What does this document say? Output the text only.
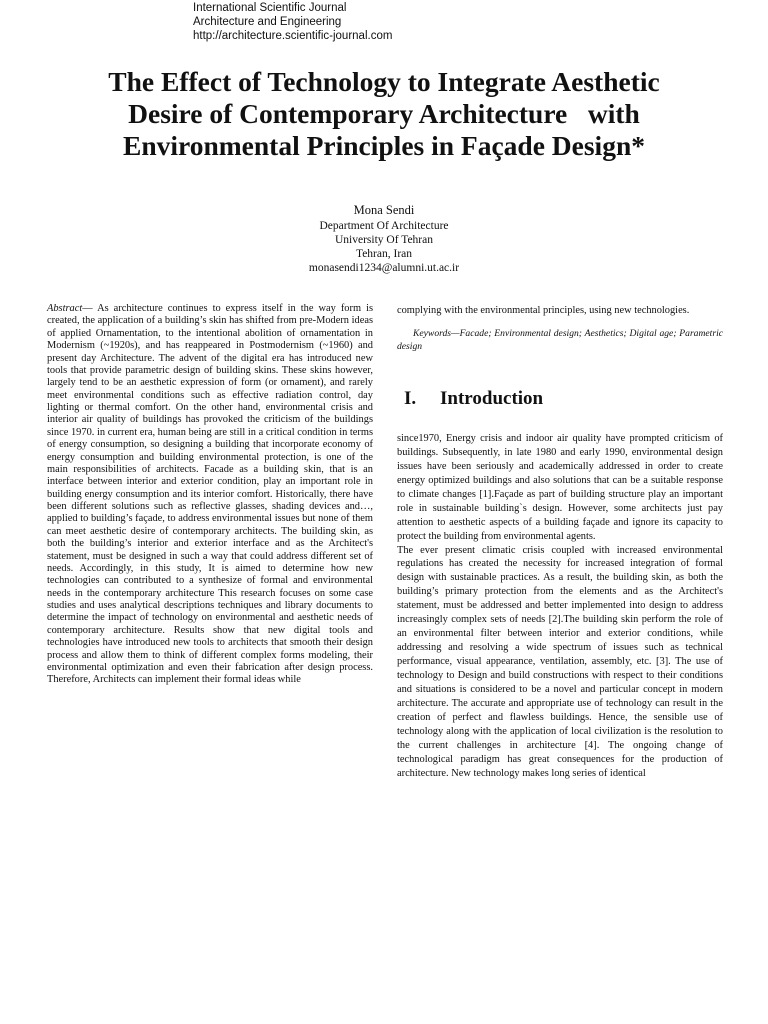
International Scientific Journal
Architecture and Engineering
http://architecture.scientific-journal.com
The Effect of Technology to Integrate Aesthetic
Desire of Contemporary Architecture   with
Environmental Principles in Façade Design*
Mona Sendi
Department Of Architecture
University Of Tehran
Tehran, Iran
monasendi1234@alumni.ut.ac.ir

Abstract— As architecture continues to express itself in the way form is created, the application of a building’s skin has shifted from pre-Modern ideas of applied Ornamentation, to the intentional abolition of ornamentation in Modernism (~1920s), and has reappeared in Postmodernism (~1960) and present day Architecture. The advent of the digital era has introduced new tools that provide parametric design of building skins. These skins however, largely tend to be an aesthetic expression of form (or ornament), and rarely meet environmental conditions such as effective radiation control, day lighting or thermal comfort. On the other hand, environmental crisis and interior air quality of buildings has provoked the criticism of the buildings since 1970. in current era, human being are still in a critical condition in terms of energy consumption, so designing a building that incorporate economy of energy consumption and building environmental protection, is one of the main responsibilities of architects. Facade as a building skin, that is an interface between interior and exterior condition, play an important role in building energy consumption and its interior comfort. Historically, there have been different solutions such as reflective glasses, shading devices and…, applied to building’s façade, to address environmental issues but none of them can meet aesthetic desire of contemporary architects. The building skin, as both the building’s interior and exterior interface and as the Architect's statement, must be designed in such a way that could address different set of needs. Accordingly, in this study, It is aimed to determine how new technologies can contributed to a synthesize of formal and environmental needs in the contemporary architecture This research focuses on some case studies and uses analytical descriptions techniques and library documents to determine the impact of technology on environmental and aesthetic needs of contemporary architecture. Results show that new digital tools and technologies have introduced new tools to architects that smooth their design process and allow them to think of different complex forms modeling, their environmental optimization and even their fabrication after design process. Therefore, Architects can implement their formal ideas while

complying with the environmental principles, using new technologies.

Keywords—Facade; Environmental design; Aesthetics; Digital age; Parametric design

I. Introduction

since1970, Energy crisis and indoor air quality have prompted criticism of buildings. Subsequently, in late 1980 and early 1990, environmental design issues have been seriously and academically addressed in order to create energy optimized buildings and also solutions that can be a suitable response to climate changes [1].Façade as part of building structure play an important role in sustainable building`s design. However, some architects just pay attention to aesthetic aspects of a building façade and ignore its capacity to protect the building from environmental agents.

The ever present climatic crisis coupled with increased environmental regulations has created the necessity for increased integration of formal design with sustainable practices. As a result, the building skin, as both the building’s primary protection from the elements and as the Architect's statement, must be addressed and better implemented into design to address increasingly complex sets of needs [2].The building skin perform the role of an environmental filter between interior and exterior conditions, while addressing and resolving a wide spectrum of issues such as technical performance, visual appearance, ventilation, assembly, etc. [3]. The use of technology to Design and build constructions with respect to their conditions and situations is considered to be a novel and particular concept in modern architecture. The accurate and appropriate use of technology can result in the creation of perfect and flawless buildings. Hence, the sensible use of technology along with the application of local civilization is the resolution to the current challenges in architecture [4]. The ongoing change of technological paradigm has great consequences for the production of architecture. New technology makes long series of identical
